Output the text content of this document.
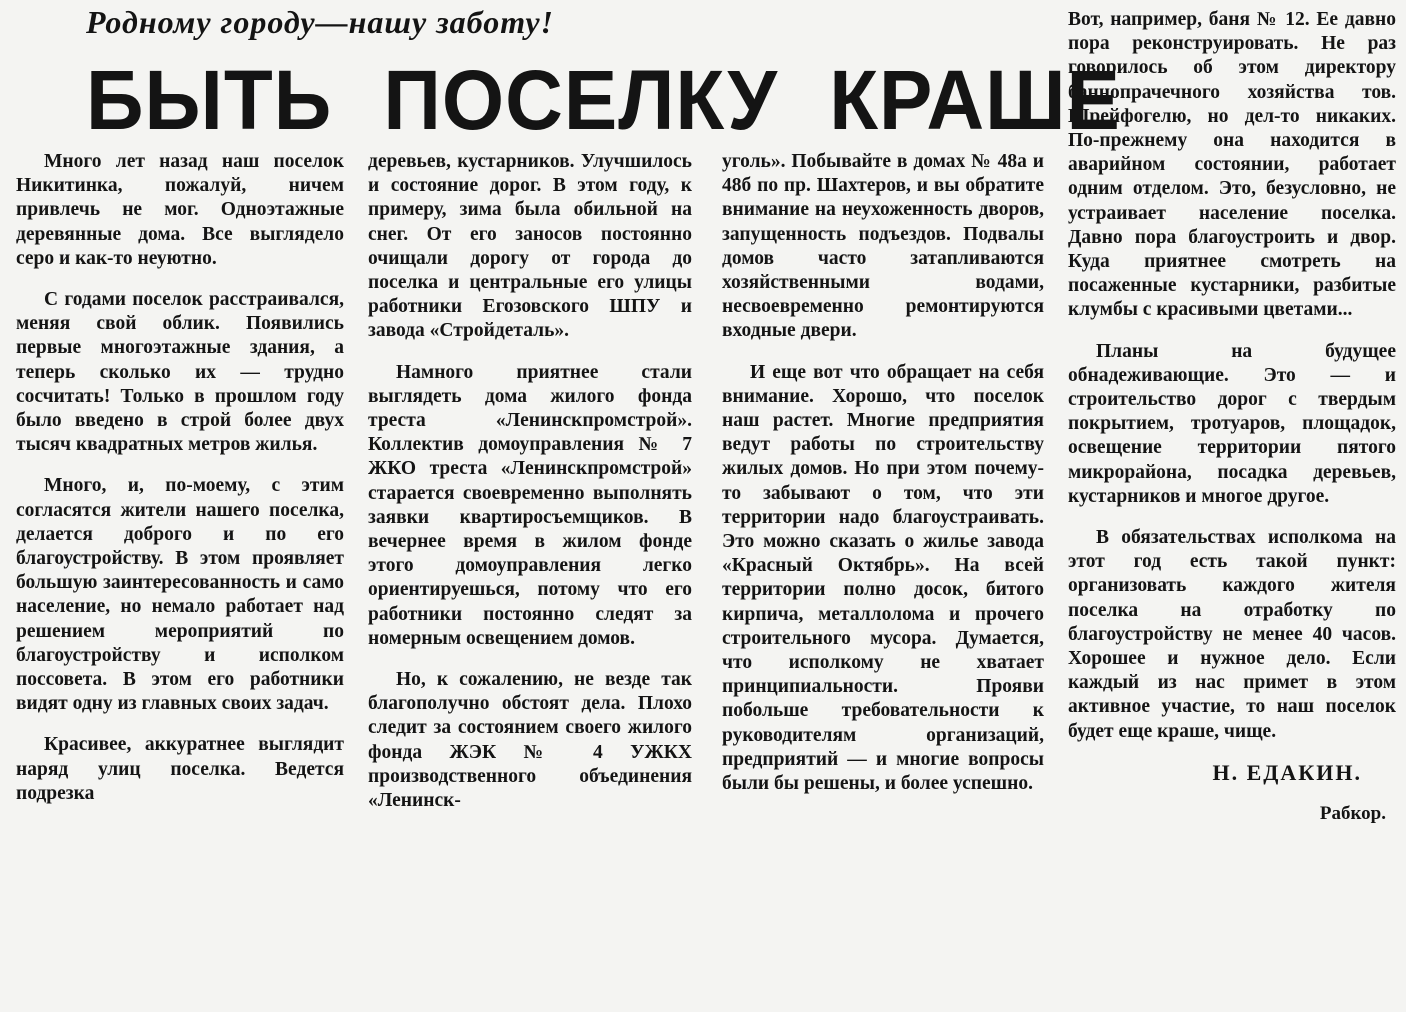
Родному городу—нашу заботу!
БЫТЬ ПОСЕЛКУ КРАШЕ

Много лет назад наш поселок Никитинка, пожалуй, ничем привлечь не мог. Одноэтажные деревянные дома. Все выглядело серо и как-то неуютно.

С годами поселок расстраивался, меняя свой облик. Появились первые многоэтажные здания, а теперь сколько их — трудно сосчитать! Только в прошлом году было введено в строй более двух тысяч квадратных метров жилья.

Много, и, по-моему, с этим согласятся жители нашего поселка, делается доброго и по его благоустройству. В этом проявляет большую заинтересованность и само население, но немало работает над решением мероприятий по благоустройству и исполком поссовета. В этом его работники видят одну из главных своих задач.

Красивее, аккуратнее выглядит наряд улиц поселка. Ведется подрезка

деревьев, кустарников. Улучшилось и состояние дорог. В этом году, к примеру, зима была обильной на снег. От его заносов постоянно очищали дорогу от города до поселка и центральные его улицы работники Егозовского ШПУ и завода «Стройдеталь».

Намного приятнее стали выглядеть дома жилого фонда треста «Ленинскпромстрой». Коллектив домоуправления № 7 ЖКО треста «Ленинскпромстрой» старается своевременно выполнять заявки квартиросъемщиков. В вечернее время в жилом фонде этого домоуправления легко ориентируешься, потому что его работники постоянно следят за номерным освещением домов.

Но, к сожалению, не везде так благополучно обстоят дела. Плохо следит за состоянием своего жилого фонда ЖЭК № 4 УЖКХ производственного объединения «Ленинск-

уголь». Побывайте в домах № 48а и 48б по пр. Шахтеров, и вы обратите внимание на неухоженность дворов, запущенность подъездов. Подвалы домов часто затапливаются хозяйственными водами, несвоевременно ремонтируются входные двери.

И еще вот что обращает на себя внимание. Хорошо, что поселок наш растет. Многие предприятия ведут работы по строительству жилых домов. Но при этом почему-то забывают о том, что эти территории надо благоустраивать. Это можно сказать о жилье завода «Красный Октябрь». На всей территории полно досок, битого кирпича, металлолома и прочего строительного мусора. Думается, что исполкому не хватает принципиальности. Прояви побольше требовательности к руководителям организаций, предприятий — и многие вопросы были бы решены, и более успешно.

Вот, например, баня № 12. Ее давно пора реконструировать. Не раз говорилось об этом директору баннопрачечного хозяйства тов. Шрейфогелю, но дел-то никаких. По-прежнему она находится в аварийном состоянии, работает одним отделом. Это, безусловно, не устраивает население поселка. Давно пора благоустроить и двор. Куда приятнее смотреть на посаженные кустарники, разбитые клумбы с красивыми цветами...

Планы на будущее обнадеживающие. Это — и строительство дорог с твердым покрытием, тротуаров, площадок, освещение территории пятого микрорайона, посадка деревьев, кустарников и многое другое.

В обязательствах исполкома на этот год есть такой пункт: организовать каждого жителя поселка на отработку по благоустройству не менее 40 часов. Хорошее и нужное дело. Если каждый из нас примет в этом активное участие, то наш поселок будет еще краше, чище.

Н. ЕДАКИН.

Рабкор.
